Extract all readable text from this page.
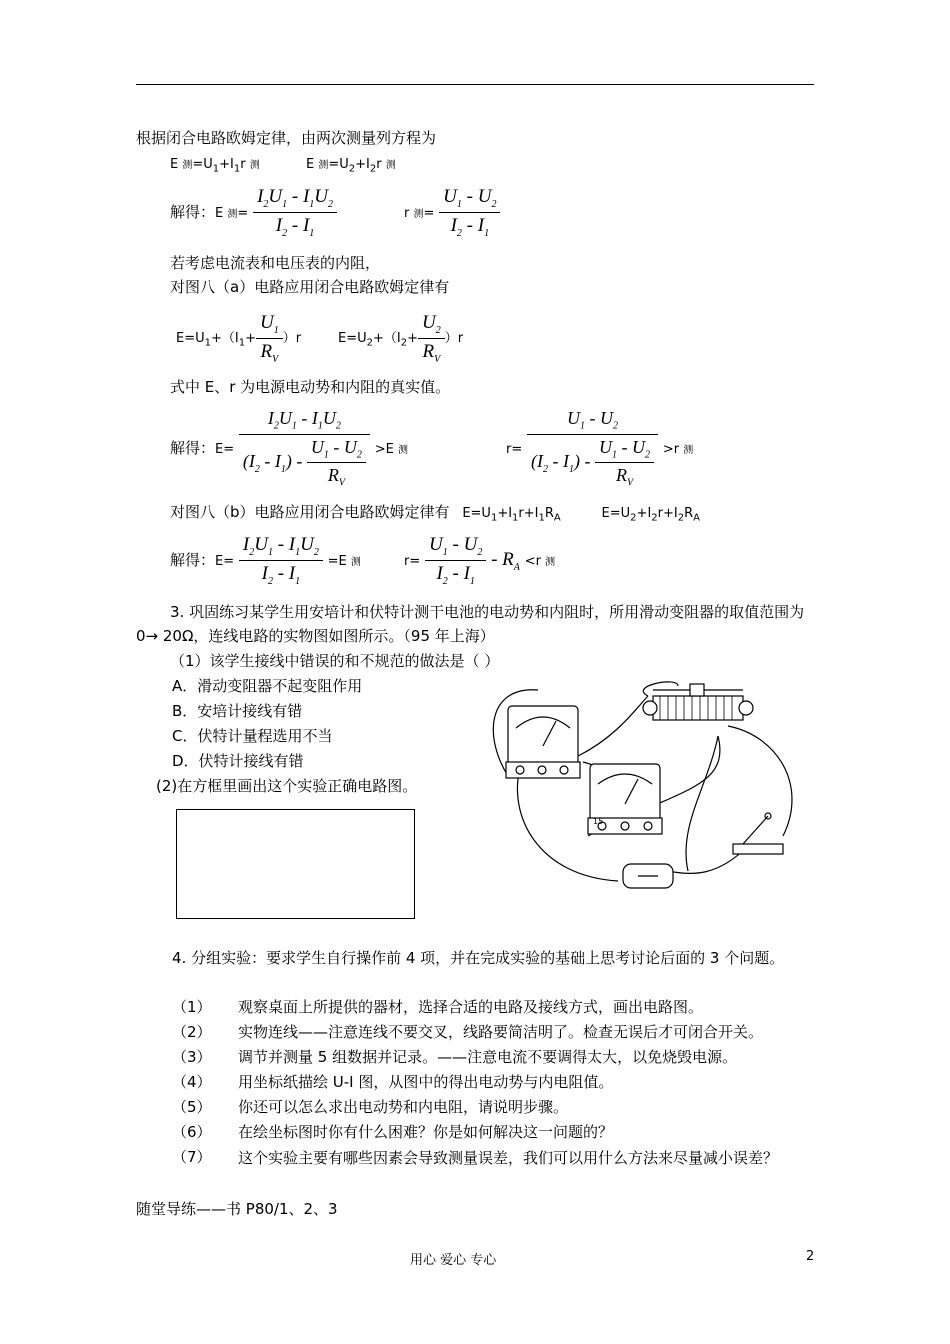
根据闭合电路欧姆定律，由两次测量列方程为
E 测$=U_1+I_1r$ 测	E 测$=U_2+I_2r$ 测
解得：E 测= $\frac{I_2U_1 - I_1U_2}{I_2 - I_1}$	r 测= $\frac{U_1 - U_2}{I_2 - I_1}$
若考虑电流表和电压表的内阻，
对图八（a）电路应用闭合电路欧姆定律有
$E=U_1+(I_1+ \frac{U_1}{R_V} )r$	$E=U_2+(I_2+ \frac{U_2}{R_V} )r$
式中 E、r 为电源电动势和内阻的真实值。
解得：$E= \frac{I_2U_1 - I_1U_2}{(I_2 - I_1) - \frac{U_1 - U_2}{R_V}} >E$ 测	$r= \frac{U_1 - U_2}{(I_2 - I_1) - \frac{U_1 - U_2}{R_V}} >r$ 测
对图八（b）电路应用闭合电路欧姆定律有 $E=U_1+I_1r+I_1R_A$	$E=U_2+I_2r+I_2R_A$
解得：$E= \frac{I_2U_1 - I_1U_2}{I_2 - I_1} =E$ 测	$r= \frac{U_1 - U_2}{I_2 - I_1} - R_A <r$ 测
3. 巩固练习某学生用安培计和伏特计测干电池的电动势和内阻时，所用滑动变阻器的取值范围为0→ 20Ω，连线电路的实物图如图所示。（95 年上海）
（1）该学生接线中错误的和不规范的做法是（ ）
A．滑动变阻器不起变阻作用
B．安培计接线有错
C．伏特计量程选用不当
D．伏特计接线有错
(2)在方框里画出这个实验正确电路图。
15
4. 分组实验：要求学生自行操作前 4 项，并在完成实验的基础上思考讨论后面的 3 个问题。
（1） 观察桌面上所提供的器材，选择合适的电路及接线方式，画出电路图。
（2） 实物连线——注意连线不要交叉，线路要简洁明了。检查无误后才可闭合开关。
（3） 调节并测量 5 组数据并记录。——注意电流不要调得太大，以免烧毁电源。
（4） 用坐标纸描绘 U-I 图，从图中的得出电动势与内电阻值。
（5） 你还可以怎么求出电动势和内电阻，请说明步骤。
（6） 在绘坐标图时你有什么困难？你是如何解决这一问题的？
（7） 这个实验主要有哪些因素会导致测量误差，我们可以用什么方法来尽量减小误差？
随堂导练——书 P80/1、2、3
用心 爱心 专心	2
